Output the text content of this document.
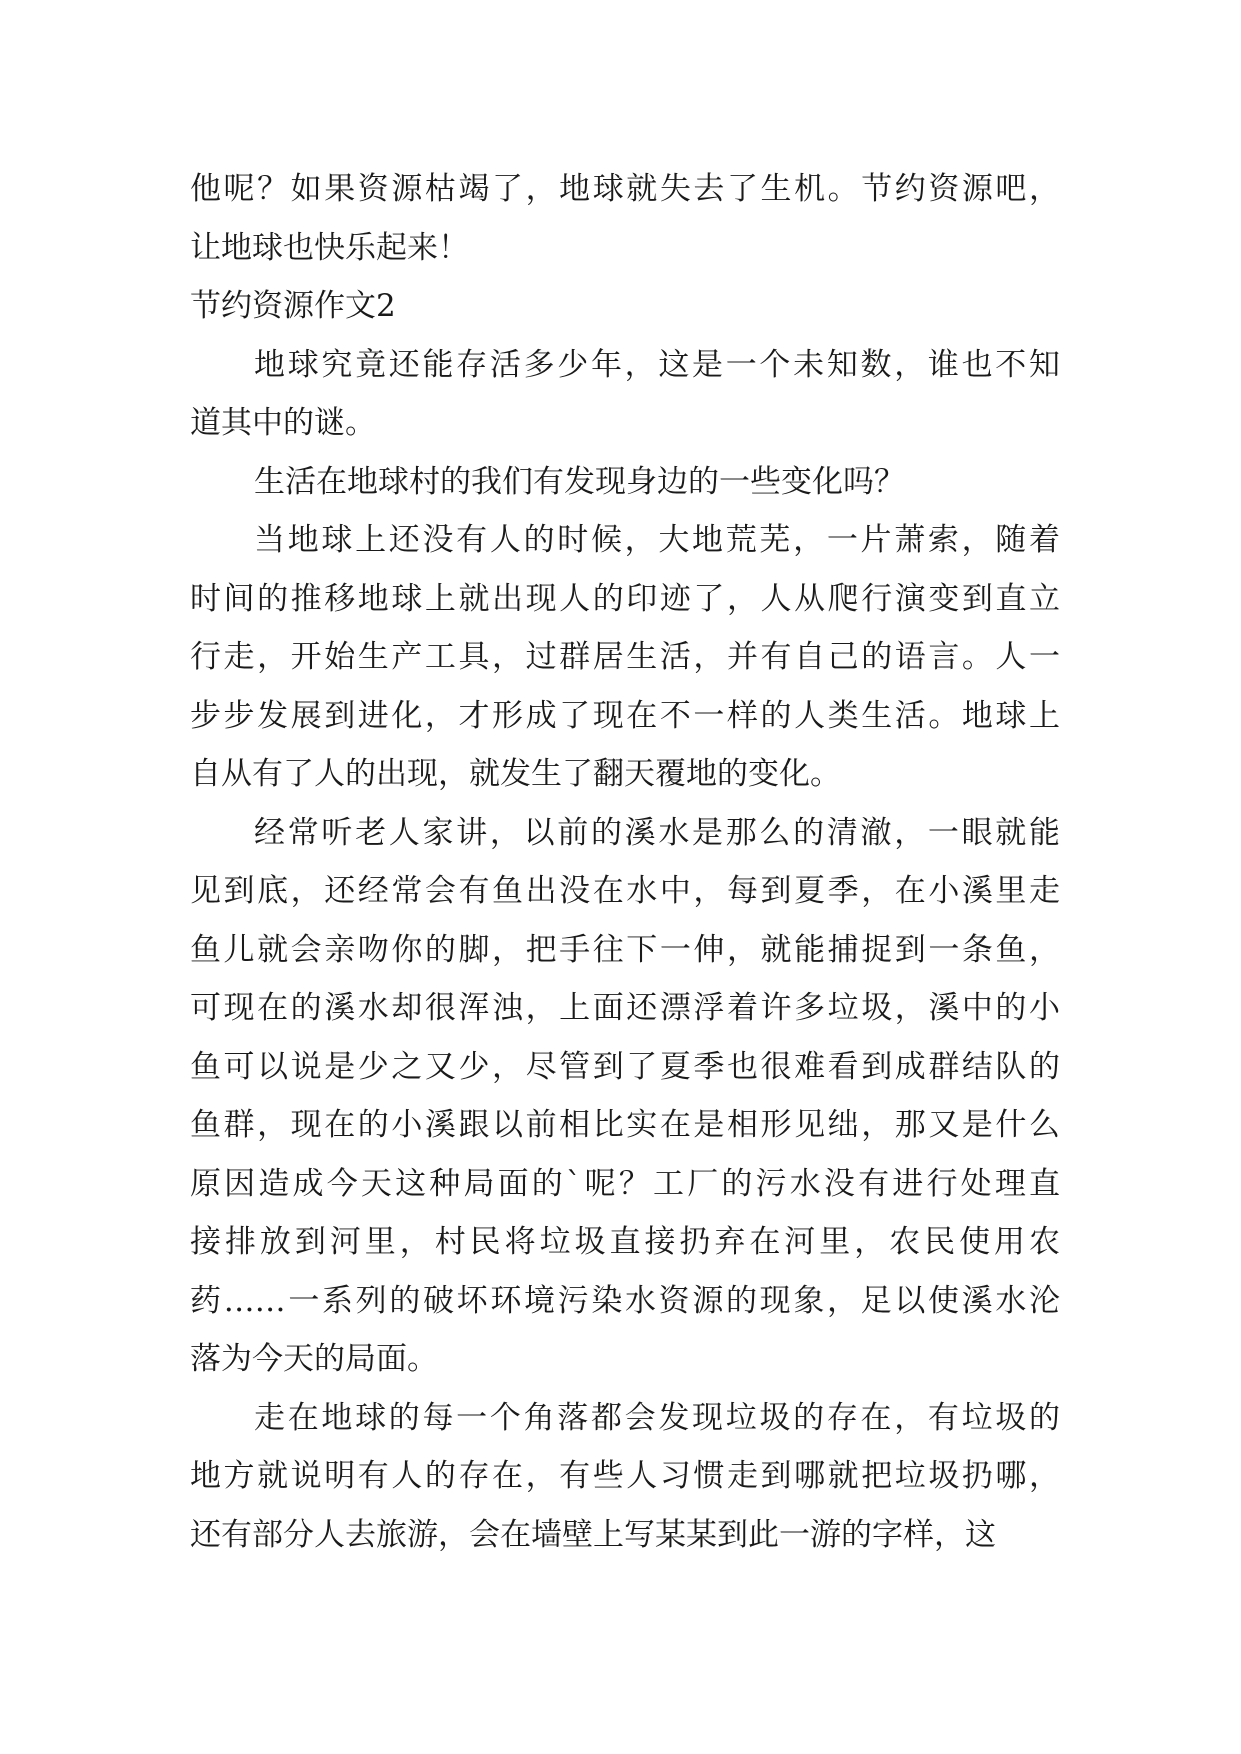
他呢？如果资源枯竭了，地球就失去了生机。节约资源吧，
让地球也快乐起来！
节约资源作文2
地球究竟还能存活多少年，这是一个未知数，谁也不知
道其中的谜。
生活在地球村的我们有发现身边的一些变化吗？
当地球上还没有人的时候，大地荒芜，一片萧索，随着
时间的推移地球上就出现人的印迹了，人从爬行演变到直立
行走，开始生产工具，过群居生活，并有自己的语言。人一
步步发展到进化，才形成了现在不一样的人类生活。地球上
自从有了人的出现，就发生了翻天覆地的变化。
经常听老人家讲，以前的溪水是那么的清澈，一眼就能
见到底，还经常会有鱼出没在水中，每到夏季，在小溪里走
鱼儿就会亲吻你的脚，把手往下一伸，就能捕捉到一条鱼，
可现在的溪水却很浑浊，上面还漂浮着许多垃圾，溪中的小
鱼可以说是少之又少，尽管到了夏季也很难看到成群结队的
鱼群，现在的小溪跟以前相比实在是相形见绌，那又是什么
原因造成今天这种局面的`呢？工厂的污水没有进行处理直
接排放到河里，村民将垃圾直接扔弃在河里，农民使用农
药……一系列的破坏环境污染水资源的现象，足以使溪水沦
落为今天的局面。
走在地球的每一个角落都会发现垃圾的存在，有垃圾的
地方就说明有人的存在，有些人习惯走到哪就把垃圾扔哪，
还有部分人去旅游，会在墙壁上写某某到此一游的字样，这
